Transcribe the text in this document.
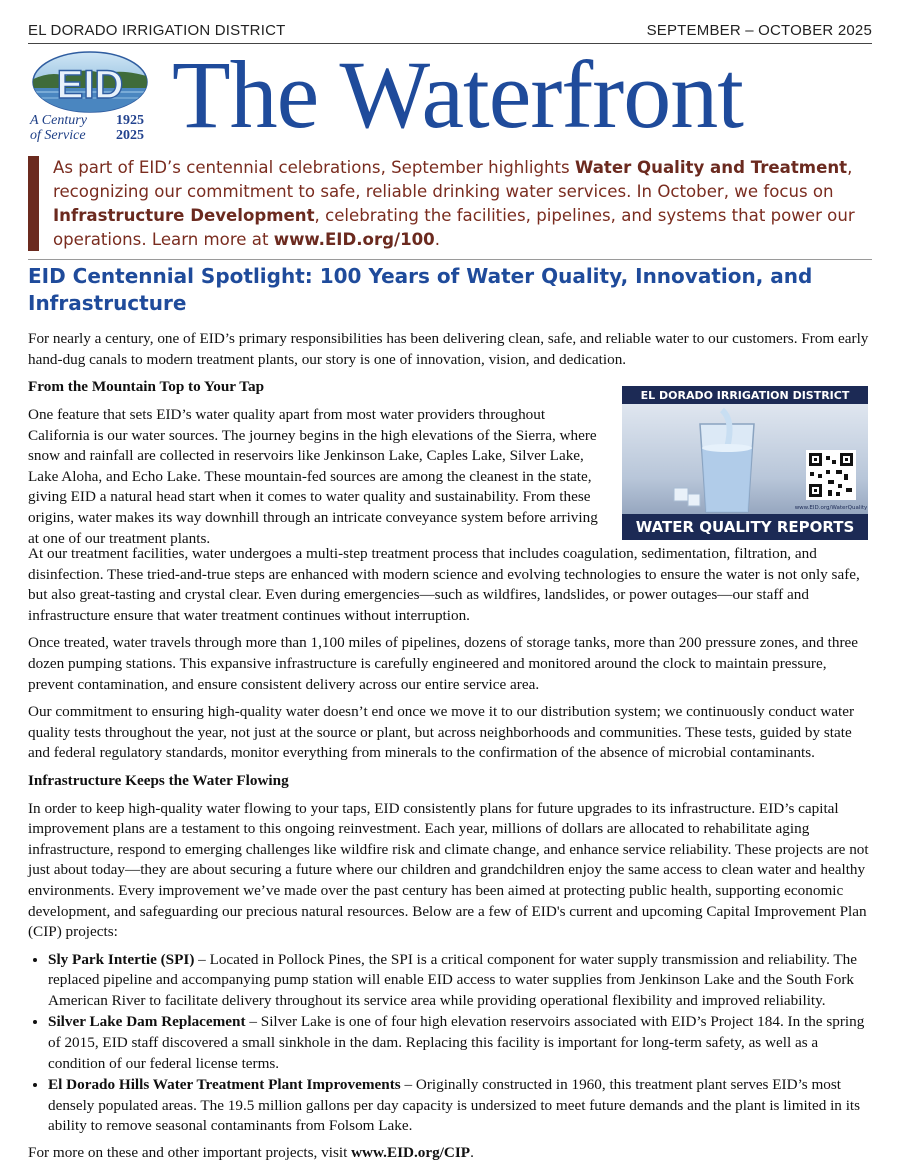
EL DORADO IRRIGATION DISTRICT	SEPTEMBER – OCTOBER 2025
EID
A Century 1925
of Service 2025 The Waterfront
As part of EID’s centennial celebrations, September highlights Water Quality and Treatment, recognizing our commitment to safe, reliable drinking water services. In October, we focus on Infrastructure Development, celebrating the facilities, pipelines, and systems that power our operations. Learn more at www.EID.org/100.
EID Centennial Spotlight: 100 Years of Water Quality, Innovation, and Infrastructure

For nearly a century, one of EID’s primary responsibilities has been delivering clean, safe, and reliable water to our customers. From early hand-dug canals to modern treatment plants, our story is one of innovation, vision, and dedication.

From the Mountain Top to Your Tap

One feature that sets EID’s water quality apart from most water providers throughout California is our water sources. The journey begins in the high elevations of the Sierra, where snow and rainfall are collected in reservoirs like Jenkinson Lake, Caples Lake, Silver Lake, Lake Aloha, and Echo Lake. These mountain-fed sources are among the cleanest in the state, giving EID a natural head start when it comes to water quality and sustainability. From these origins, water makes its way downhill through an intricate conveyance system before arriving at one of our treatment plants.

EL DORADO IRRIGATION DISTRICT
www.EID.org/WaterQuality
WATER QUALITY REPORTS

At our treatment facilities, water undergoes a multi-step treatment process that includes coagulation, sedimentation, filtration, and disinfection. These tried-and-true steps are enhanced with modern science and evolving technologies to ensure the water is not only safe, but also great-tasting and crystal clear. Even during emergencies—such as wildfires, landslides, or power outages—our staff and infrastructure ensure that water treatment continues without interruption.

Once treated, water travels through more than 1,100 miles of pipelines, dozens of storage tanks, more than 200 pressure zones, and three dozen pumping stations. This expansive infrastructure is carefully engineered and monitored around the clock to maintain pressure, prevent contamination, and ensure consistent delivery across our entire service area.

Our commitment to ensuring high-quality water doesn’t end once we move it to our distribution system; we continuously conduct water quality tests throughout the year, not just at the source or plant, but across neighborhoods and communities. These tests, guided by state and federal regulatory standards, monitor everything from minerals to the confirmation of the absence of microbial contaminants.

Infrastructure Keeps the Water Flowing

In order to keep high-quality water flowing to your taps, EID consistently plans for future upgrades to its infrastructure. EID’s capital improvement plans are a testament to this ongoing reinvestment. Each year, millions of dollars are allocated to rehabilitate aging infrastructure, respond to emerging challenges like wildfire risk and climate change, and enhance service reliability. These projects are not just about today—they are about securing a future where our children and grandchildren enjoy the same access to clean water and healthy environments. Every improvement we’ve made over the past century has been aimed at protecting public health, supporting economic development, and safeguarding our precious natural resources. Below are a few of EID's current and upcoming Capital Improvement Plan (CIP) projects:

• Sly Park Intertie (SPI) – Located in Pollock Pines, the SPI is a critical component for water supply transmission and reliability. The replaced pipeline and accompanying pump station will enable EID access to water supplies from Jenkinson Lake and the South Fork American River to facilitate delivery throughout its service area while providing operational flexibility and improved reliability.
• Silver Lake Dam Replacement – Silver Lake is one of four high elevation reservoirs associated with EID’s Project 184. In the spring of 2015, EID staff discovered a small sinkhole in the dam. Replacing this facility is important for long-term safety, as well as a condition of our federal license terms.
• El Dorado Hills Water Treatment Plant Improvements – Originally constructed in 1960, this treatment plant serves EID’s most densely populated areas. The 19.5 million gallons per day capacity is undersized to meet future demands and the plant is limited in its ability to remove seasonal contaminants from Folsom Lake.

For more on these and other important projects, visit www.EID.org/CIP.
